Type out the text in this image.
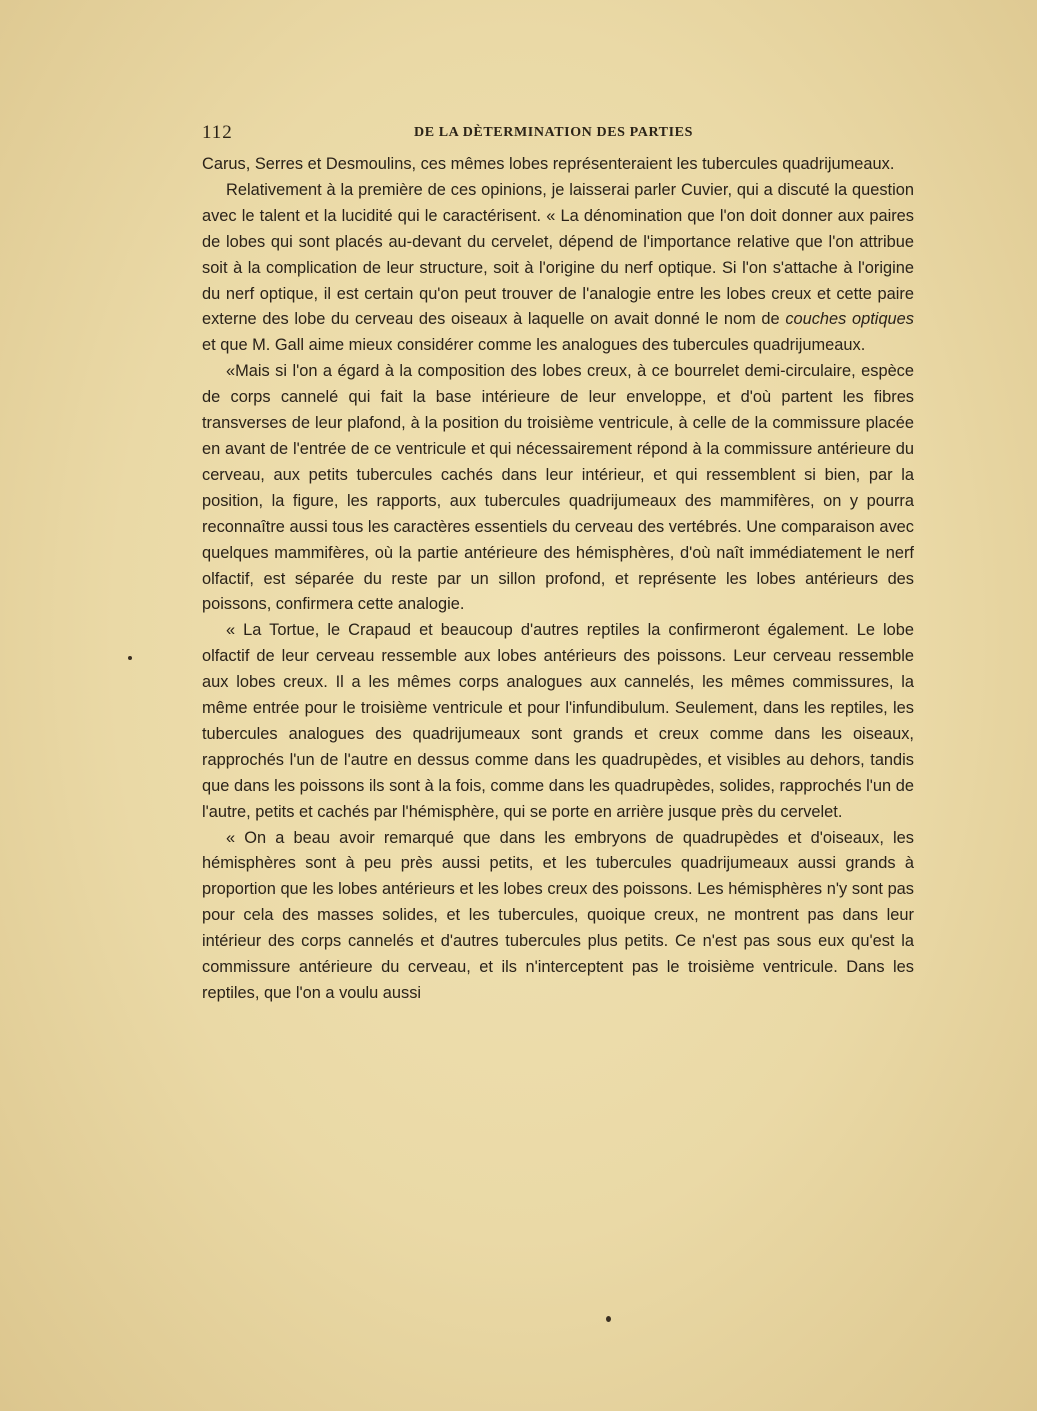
112	DE LA DÈTERMINATION DES PARTIES

Carus, Serres et Desmoulins, ces mêmes lobes représenteraient les tubercules quadrijumeaux.

Relativement à la première de ces opinions, je laisserai parler Cuvier, qui a discuté la question avec le talent et la lucidité qui le caractérisent. « La dénomination que l'on doit donner aux paires de lobes qui sont placés au-devant du cervelet, dépend de l'importance relative que l'on attribue soit à la complication de leur structure, soit à l'origine du nerf optique. Si l'on s'attache à l'origine du nerf optique, il est certain qu'on peut trouver de l'analogie entre les lobes creux et cette paire externe des lobe du cerveau des oiseaux à laquelle on avait donné le nom de couches optiques et que M. Gall aime mieux considérer comme les analogues des tubercules quadrijumeaux.

«Mais si l'on a égard à la composition des lobes creux, à ce bourrelet demi-circulaire, espèce de corps cannelé qui fait la base intérieure de leur enveloppe, et d'où partent les fibres transverses de leur plafond, à la position du troisième ventricule, à celle de la commissure placée en avant de l'entrée de ce ventricule et qui nécessairement répond à la commissure antérieure du cerveau, aux petits tubercules cachés dans leur intérieur, et qui ressemblent si bien, par la position, la figure, les rapports, aux tubercules quadrijumeaux des mammifères, on y pourra reconnaître aussi tous les caractères essentiels du cerveau des vertébrés. Une comparaison avec quelques mammifères, où la partie antérieure des hémisphères, d'où naît immédiatement le nerf olfactif, est séparée du reste par un sillon profond, et représente les lobes antérieurs des poissons, confirmera cette analogie.

« La Tortue, le Crapaud et beaucoup d'autres reptiles la confirmeront également. Le lobe olfactif de leur cerveau ressemble aux lobes antérieurs des poissons. Leur cerveau ressemble aux lobes creux. Il a les mêmes corps analogues aux cannelés, les mêmes commissures, la même entrée pour le troisième ventricule et pour l'infundibulum. Seulement, dans les reptiles, les tubercules analogues des quadrijumeaux sont grands et creux comme dans les oiseaux, rapprochés l'un de l'autre en dessus comme dans les quadrupèdes, et visibles au dehors, tandis que dans les poissons ils sont à la fois, comme dans les quadrupèdes, solides, rapprochés l'un de l'autre, petits et cachés par l'hémisphère, qui se porte en arrière jusque près du cervelet.

« On a beau avoir remarqué que dans les embryons de quadrupèdes et d'oiseaux, les hémisphères sont à peu près aussi petits, et les tubercules quadrijumeaux aussi grands à proportion que les lobes antérieurs et les lobes creux des poissons. Les hémisphères n'y sont pas pour cela des masses solides, et les tubercules, quoique creux, ne montrent pas dans leur intérieur des corps cannelés et d'autres tubercules plus petits. Ce n'est pas sous eux qu'est la commissure antérieure du cerveau, et ils n'interceptent pas le troisième ventricule. Dans les reptiles, que l'on a voulu aussi
